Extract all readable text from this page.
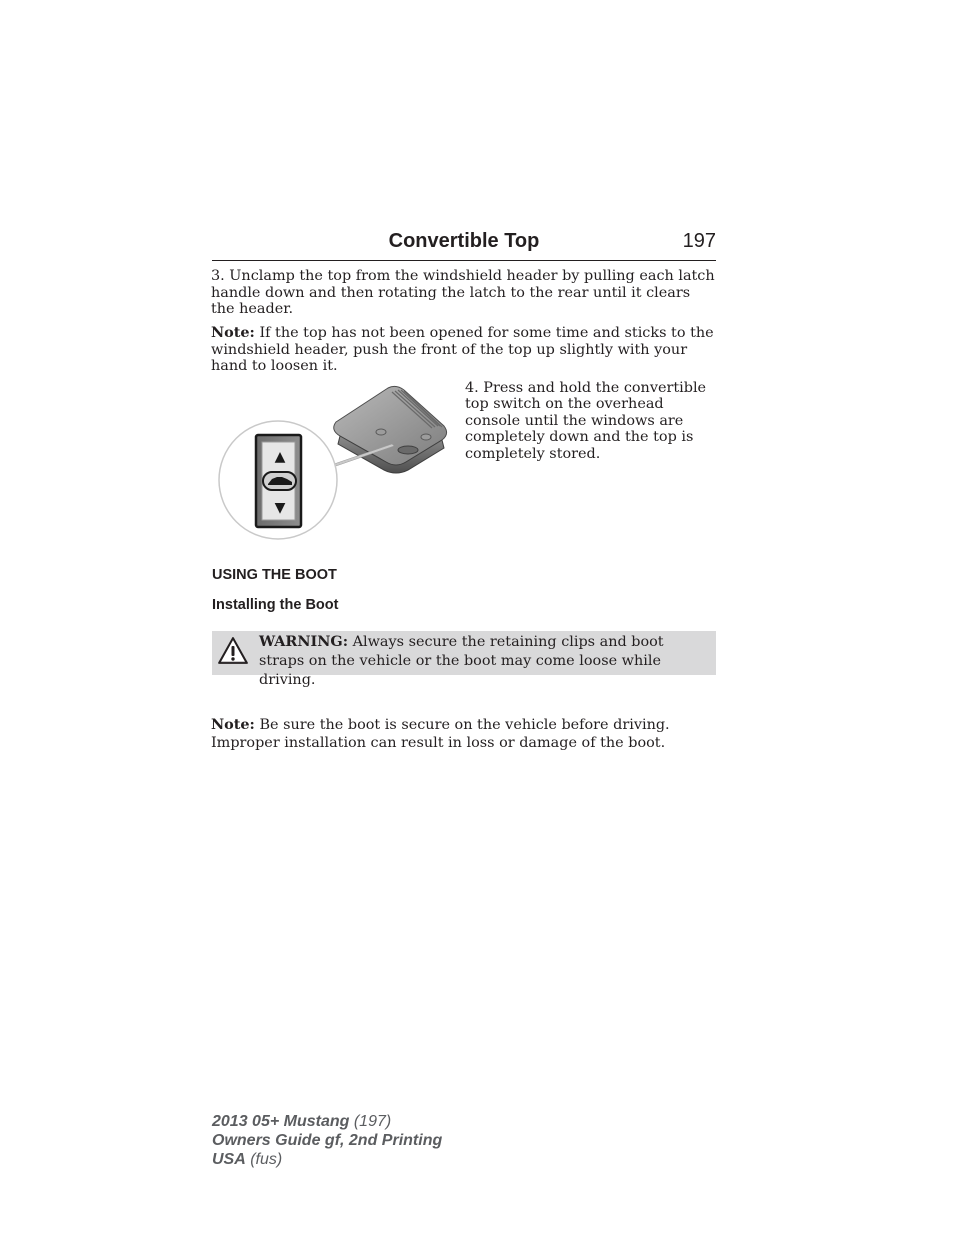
Convertible Top	197

3. Unclamp the top from the windshield header by pulling each latch handle down and then rotating the latch to the rear until it clears the header.

Note: If the top has not been opened for some time and sticks to the windshield header, push the front of the top up slightly with your hand to loosen it.

▲
▼

4. Press and hold the convertible top switch on the overhead console until the windows are completely down and the top is completely stored.

USING THE BOOT
Installing the Boot

WARNING: Always secure the retaining clips and boot straps on the vehicle or the boot may come loose while driving.

Note: Be sure the boot is secure on the vehicle before driving. Improper installation can result in loss or damage of the boot.

2013 05+ Mustang (197)
Owners Guide gf, 2nd Printing
USA (fus)
